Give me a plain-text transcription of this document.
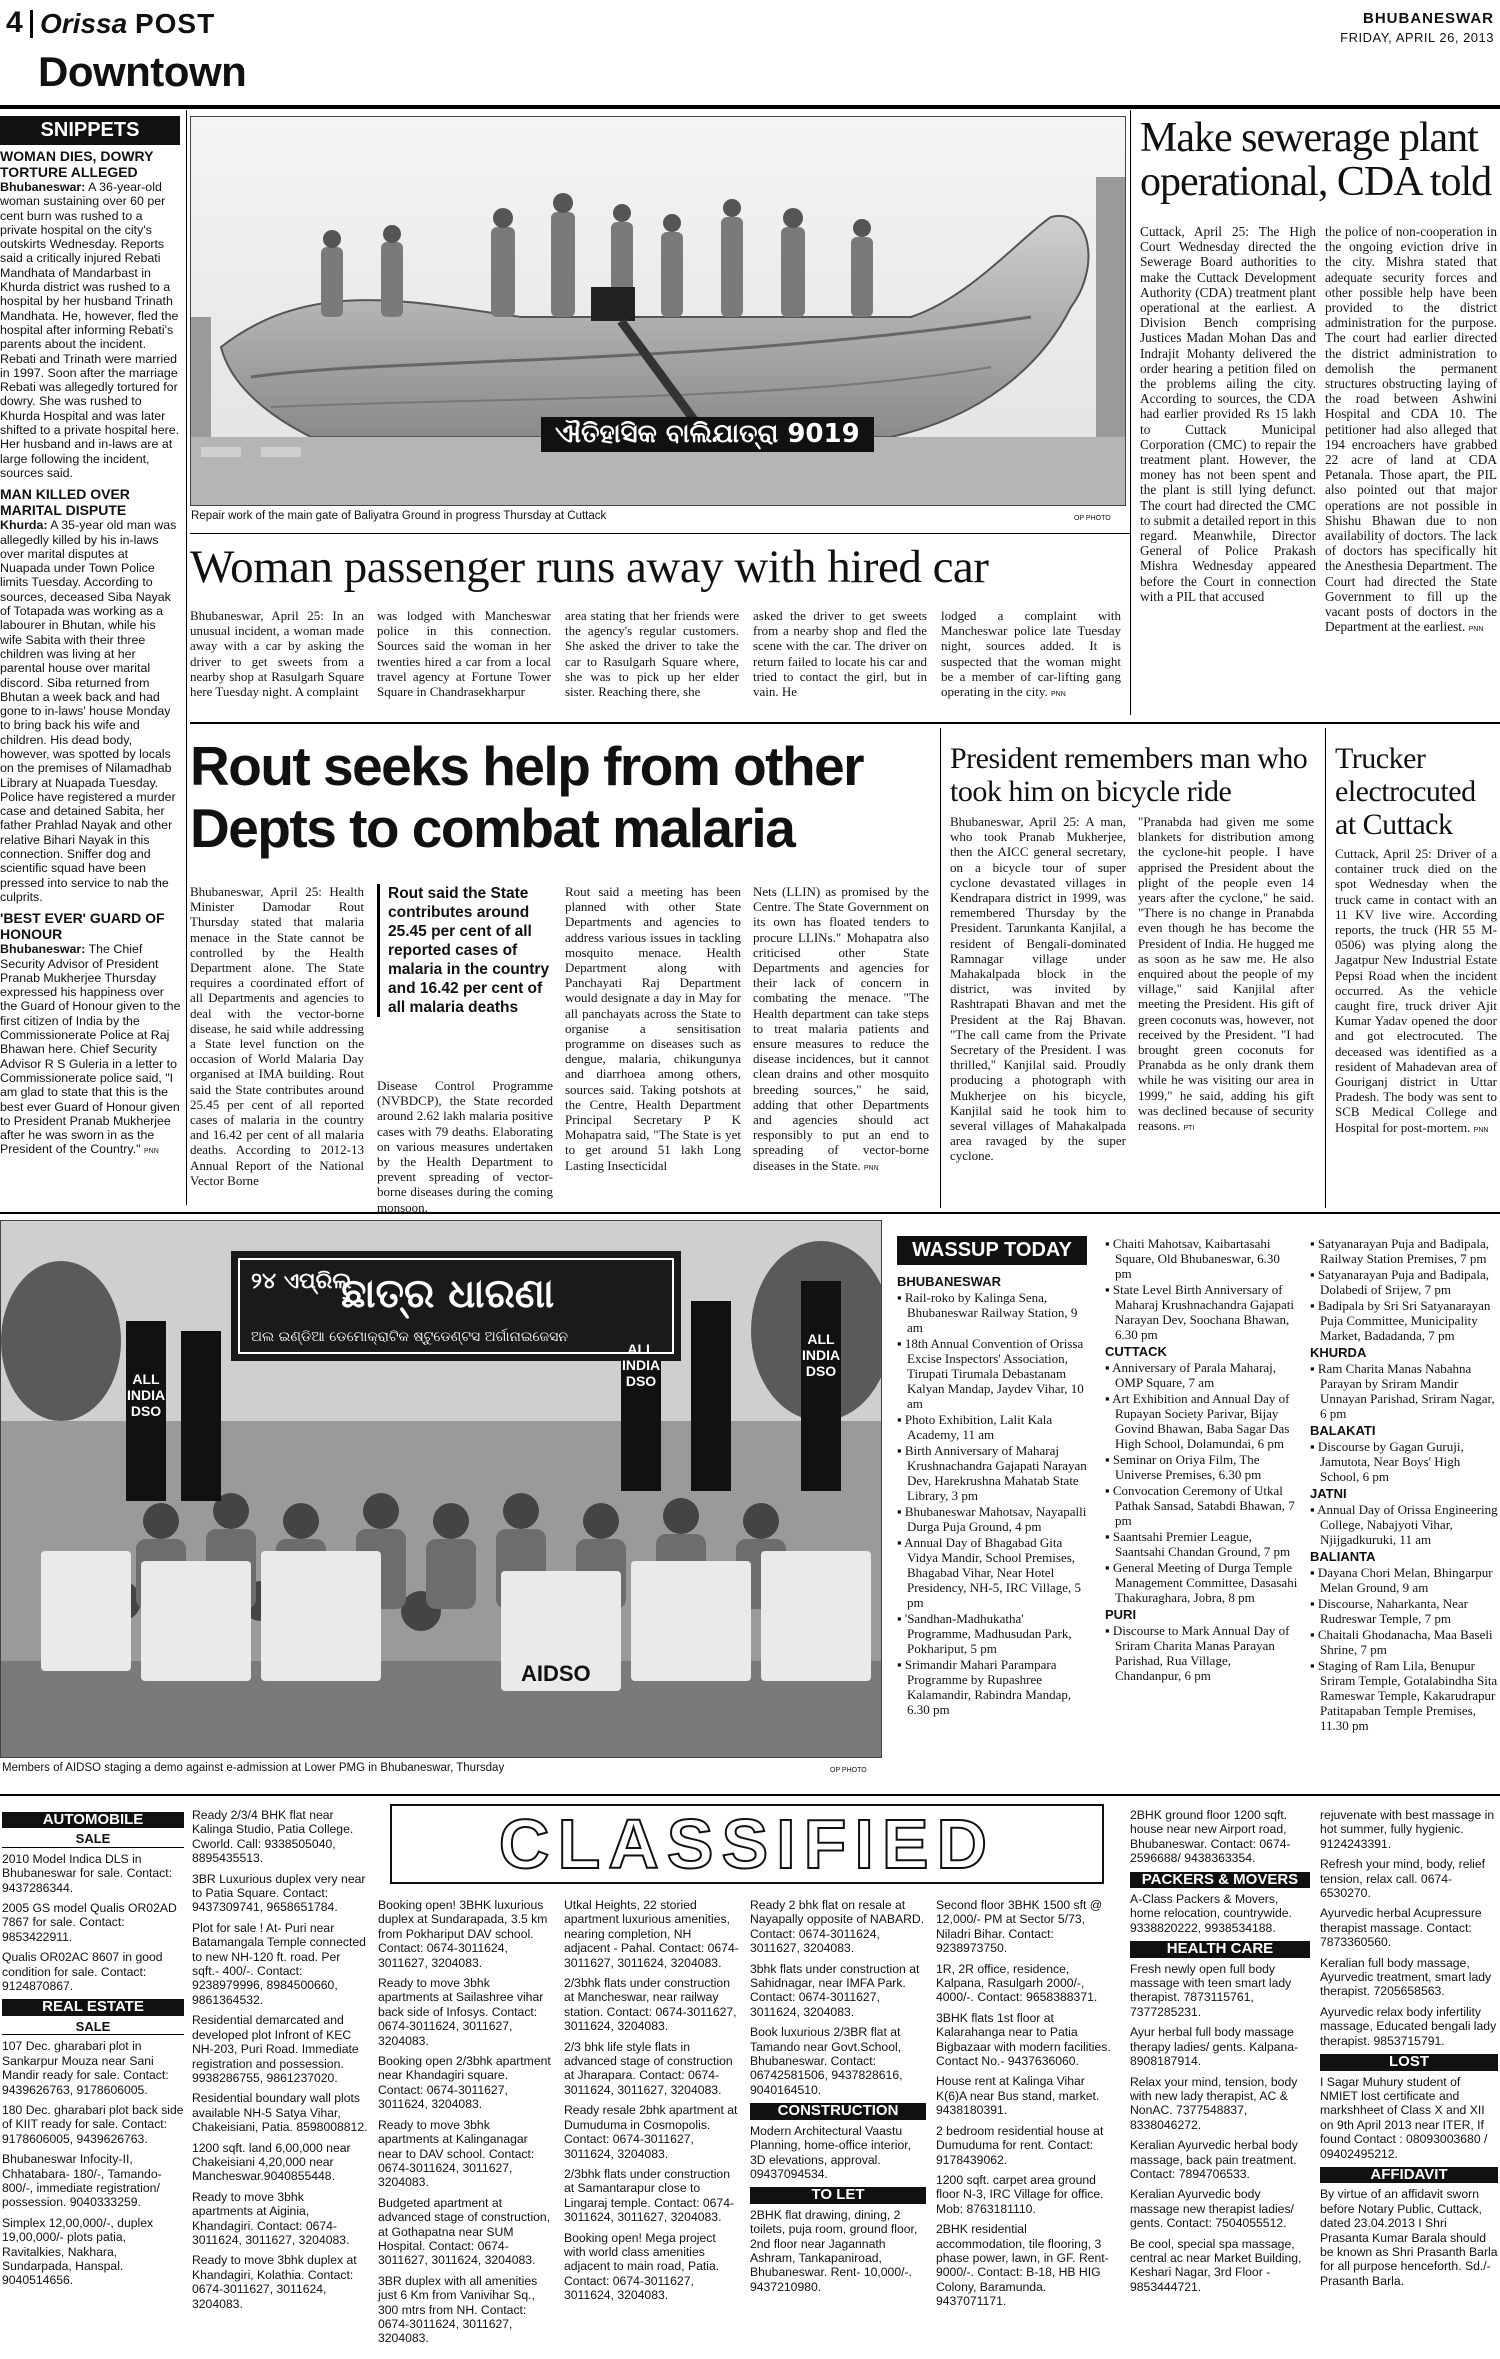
4 Orissa POST
Downtown
BHUBANESWAR
FRIDAY, APRIL 26, 2013
SNIPPETS
WOMAN DIES, DOWRY TORTURE ALLEGED
Bhubaneswar: A 36-year-old woman sustaining over 60 per cent burn was rushed to a private hospital on the city's outskirts Wednesday. Reports said a critically injured Rebati Mandhata of Mandarbast in Khurda district was rushed to a hospital by her husband Trinath Mandhata. He, however, fled the hospital after informing Rebati's parents about the incident. Rebati and Trinath were married in 1997. Soon after the marriage Rebati was allegedly tortured for dowry. She was rushed to Khurda Hospital and was later shifted to a private hospital here. Her husband and in-laws are at large following the incident, sources said.
MAN KILLED OVER MARITAL DISPUTE
Khurda: A 35-year old man was allegedly killed by his in-laws over marital disputes at Nuapada under Town Police limits Tuesday. According to sources, deceased Siba Nayak of Totapada was working as a labourer in Bhutan, while his wife Sabita with their three children was living at her parental house over marital discord. Siba returned from Bhutan a week back and had gone to in-laws' house Monday to bring back his wife and children. His dead body, however, was spotted by locals on the premises of Nilamadhab Library at Nuapada Tuesday. Police have registered a murder case and detained Sabita, her father Prahlad Nayak and other relative Bihari Nayak in this connection. Sniffer dog and scientific squad have been pressed into service to nab the culprits.
'BEST EVER' GUARD OF HONOUR
Bhubaneswar: The Chief Security Advisor of President Pranab Mukherjee Thursday expressed his happiness over the Guard of Honour given to the first citizen of India by the Commissionerate Police at Raj Bhawan here. Chief Security Advisor R S Guleria in a letter to Commissionerate police said, "I am glad to state that this is the best ever Guard of Honour given to President Pranab Mukherjee after he was sworn in as the President of the Country." PNN
ଐତିହାସିକ ବାଲିଯାତ୍ରା 9019
Repair work of the main gate of Baliyatra Ground in progress Thursday at Cuttack	OP PHOTO
Make sewerage plant operational, CDA told
Cuttack, April 25: The High Court Wednesday directed the Sewerage Board authorities to make the Cuttack Development Authority (CDA) treatment plant operational at the earliest. A Division Bench comprising Justices Madan Mohan Das and Indrajit Mohanty delivered the order hearing a petition filed on the problems ailing the city. According to sources, the CDA had earlier provided Rs 15 lakh to Cuttack Municipal Corporation (CMC) to repair the treatment plant. However, the money has not been spent and the plant is still lying defunct. The court had directed the CMC to submit a detailed report in this regard. Meanwhile, Director General of Police Prakash Mishra Wednesday appeared before the Court in connection with a PIL that accused
the police of non-cooperation in the ongoing eviction drive in the city. Mishra stated that adequate security forces and other possible help have been provided to the district administration for the purpose. The court had earlier directed the district administration to demolish the permanent structures obstructing laying of the road between Ashwini Hospital and CDA 10. The petitioner had also alleged that 194 encroachers have grabbed 22 acre of land at CDA Petanala. Those apart, the PIL also pointed out that major operations are not possible in Shishu Bhawan due to non availability of doctors. The lack of doctors has specifically hit the Anesthesia Department. The Court had directed the State Government to fill up the vacant posts of doctors in the Department at the earliest. PNN
Woman passenger runs away with hired car
Bhubaneswar, April 25: In an unusual incident, a woman made away with a car by asking the driver to get sweets from a nearby shop at Rasulgarh Square here Tuesday night. A complaint
was lodged with Mancheswar police in this connection. Sources said the woman in her twenties hired a car from a local travel agency at Fortune Tower Square in Chandrasekharpur
area stating that her friends were the agency's regular customers. She asked the driver to take the car to Rasulgarh Square where, she was to pick up her elder sister. Reaching there, she
asked the driver to get sweets from a nearby shop and fled the scene with the car. The driver on return failed to locate his car and tried to contact the girl, but in vain. He
lodged a complaint with Mancheswar police late Tuesday night, sources added. It is suspected that the woman might be a member of car-lifting gang operating in the city. PNN
Rout seeks help from other Depts to combat malaria
Bhubaneswar, April 25: Health Minister Damodar Rout Thursday stated that malaria menace in the State cannot be controlled by the Health Department alone. The State requires a coordinated effort of all Departments and agencies to deal with the vector-borne disease, he said while addressing a State level function on the occasion of World Malaria Day organised at IMA building. Rout said the State contributes around 25.45 per cent of all reported cases of malaria in the country and 16.42 per cent of all malaria deaths. According to 2012-13 Annual Report of the National Vector Borne
Rout said the State contributes around 25.45 per cent of all reported cases of malaria in the country and 16.42 per cent of all malaria deaths
Disease Control Programme (NVBDCP), the State recorded around 2.62 lakh malaria positive cases with 79 deaths. Elaborating on various measures undertaken by the Health Department to prevent spreading of vector-borne diseases during the coming monsoon,
Rout said a meeting has been planned with other State Departments and agencies to address various issues in tackling mosquito menace. Health Department along with Panchayati Raj Department would designate a day in May for all panchayats across the State to organise a sensitisation programme on diseases such as dengue, malaria, chikungunya and diarrhoea among others, sources said. Taking potshots at the Centre, Health Department Principal Secretary P K Mohapatra said, "The State is yet to get around 51 lakh Long Lasting Insecticidal
Nets (LLIN) as promised by the Centre. The State Government on its own has floated tenders to procure LLINs." Mohapatra also criticised other State Departments and agencies for their lack of concern in combating the menace. "The Health department can take steps to treat malaria patients and ensure measures to reduce the disease incidences, but it cannot clean drains and other mosquito breeding sources," he said, adding that other Departments and agencies should act responsibly to put an end to spreading of vector-borne diseases in the State. PNN
President remembers man who took him on bicycle ride
Bhubaneswar, April 25: A man, who took Pranab Mukherjee, then the AICC general secretary, on a bicycle tour of super cyclone devastated villages in Kendrapara district in 1999, was remembered Thursday by the President. Tarunkanta Kanjilal, a resident of Bengali-dominated Ramnagar village under Mahakalpada block in the district, was invited by Rashtrapati Bhavan and met the President at the Raj Bhavan. "The call came from the Private Secretary of the President. I was thrilled," Kanjilal said. Proudly producing a photograph with Mukherjee on his bicycle, Kanjilal said he took him to several villages of Mahakalpada area ravaged by the super cyclone.
"Pranabda had given me some blankets for distribution among the cyclone-hit people. I have apprised the President about the plight of the people even 14 years after the cyclone," he said. "There is no change in Pranabda even though he has become the President of India. He hugged me as soon as he saw me. He also enquired about the people of my village," said Kanjilal after meeting the President. His gift of green coconuts was, however, not received by the President. "I had brought green coconuts for Pranabda as he only drank them while he was visiting our area in 1999," he said, adding his gift was declined because of security reasons. PTI
Trucker electrocuted at Cuttack
Cuttack, April 25: Driver of a container truck died on the spot Wednesday when the truck came in contact with an 11 KV live wire. According reports, the truck (HR 55 M- 0506) was plying along the Jagatpur New Industrial Estate Pepsi Road when the incident occurred. As the vehicle caught fire, truck driver Ajit Kumar Yadav opened the door and got electrocuted. The deceased was identified as a resident of Mahadevan area of Gouriganj district in Uttar Pradesh. The body was sent to SCB Medical College and Hospital for post-mortem. PNN
୨୪ ଏପ୍ରିଲ
ଛାତ୍ର ଧାରଣା
ଅଲ ଇଣ୍ଡିଆ ଡେମୋକ୍ରାଟିକ ଷ୍ଟୁଡେଣ୍ଟସ ଅର୍ଗାନାଇଜେସନ
ALL INDIA DSO
ALL INDIA DSO
ALL INDIA DSO
AIDSO
Members of AIDSO staging a demo against e-admission at Lower PMG in Bhubaneswar, Thursday	OP PHOTO
WASSUP TODAY

BHUBANESWAR

▪ Rail-roko by Kalinga Sena, Bhubaneswar Railway Station, 9 am

▪ 18th Annual Convention of Orissa Excise Inspectors' Association, Tirupati Tirumala Debastanam Kalyan Mandap, Jaydev Vihar, 10 am

▪ Photo Exhibition, Lalit Kala Academy, 11 am

▪ Birth Anniversary of Maharaj Krushnachandra Gajapati Narayan Dev, Harekrushna Mahatab State Library, 3 pm

▪ Bhubaneswar Mahotsav, Nayapalli Durga Puja Ground, 4 pm

▪ Annual Day of Bhagabad Gita Vidya Mandir, School Premises, Bhagabad Vihar, Near Hotel Presidency, NH-5, IRC Village, 5 pm

▪ 'Sandhan-Madhukatha' Programme, Madhusudan Park, Pokhariput, 5 pm

▪ Srimandir Mahari Parampara Programme by Rupashree Kalamandir, Rabindra Mandap, 6.30 pm

▪ Chaiti Mahotsav, Kaibartasahi Square, Old Bhubaneswar, 6.30 pm

▪ State Level Birth Anniversary of Maharaj Krushnachandra Gajapati Narayan Dev, Soochana Bhawan, 6.30 pm

CUTTACK

▪ Anniversary of Parala Maharaj, OMP Square, 7 am

▪ Art Exhibition and Annual Day of Rupayan Society Parivar, Bijay Govind Bhawan, Baba Sagar Das High School, Dolamundai, 6 pm

▪ Seminar on Oriya Film, The Universe Premises, 6.30 pm

▪ Convocation Ceremony of Utkal Pathak Sansad, Satabdi Bhawan, 7 pm

▪ Saantsahi Premier League, Saantsahi Chandan Ground, 7 pm

▪ General Meeting of Durga Temple Management Committee, Dasasahi Thakuraghara, Jobra, 8 pm

PURI

▪ Discourse to Mark Annual Day of Sriram Charita Manas Parayan Parishad, Rua Village, Chandanpur, 6 pm

▪ Satyanarayan Puja and Badipala, Railway Station Premises, 7 pm

▪ Satyanarayan Puja and Badipala, Dolabedi of Srijew, 7 pm

▪ Badipala by Sri Sri Satyanarayan Puja Committee, Municipality Market, Badadanda, 7 pm

KHURDA

▪ Ram Charita Manas Nabahna Parayan by Sriram Mandir Unnayan Parishad, Sriram Nagar, 6 pm

BALAKATI

▪ Discourse by Gagan Guruji, Jamutota, Near Boys' High School, 6 pm

JATNI

▪ Annual Day of Orissa Engineering College, Nabajyoti Vihar, Njijgadkuruki, 11 am

BALIANTA

▪ Dayana Chori Melan, Bhingarpur Melan Ground, 9 am

▪ Discourse, Naharkanta, Near Rudreswar Temple, 7 pm

▪ Chaitali Ghodanacha, Maa Baseli Shrine, 7 pm

▪ Staging of Ram Lila, Benupur Sriram Temple, Gotalabindha Sita Rameswar Temple, Kakarudrapur Patitapaban Temple Premises, 11.30 pm

CLASSIFIED
AUTOMOBILE
SALE

2010 Model Indica DLS in Bhubaneswar for sale. Contact: 9437286344.

2005 GS model Qualis OR02AD 7867 for sale. Contact: 9853422911.

Qualis OR02AC 8607 in good condition for sale. Contact: 9124870867.

REAL ESTATE
SALE

107 Dec. gharabari plot in Sankarpur Mouza near Sani Mandir ready for sale. Contact: 9439626763, 9178606005.

180 Dec. gharabari plot back side of KIIT ready for sale. Contact: 9178606005, 9439626763.

Bhubaneswar Infocity-II, Chhatabara- 180/-, Tamando- 800/-, immediate registration/ possession. 9040333259.

Simplex 12,00,000/-, duplex 19,00,000/- plots patia, Ravitalkies, Nakhara, Sundarpada, Hanspal. 9040514656.

Ready 2/3/4 BHK flat near Kalinga Studio, Patia College. Cworld. Call: 9338505040, 8895435513.

3BR Luxurious duplex very near to Patia Square. Contact: 9437309741, 9658651784.

Plot for sale ! At- Puri near Batamangala Temple connected to new NH-120 ft. road. Per sqft.- 400/-. Contact: 9238979996, 8984500660, 9861364532.

Residential demarcated and developed plot Infront of KEC NH-203, Puri Road. Immediate registration and possession. 9938286755, 9861237020.

Residential boundary wall plots available NH-5 Satya Vihar, Chakeisiani, Patia. 8598008812.

1200 sqft. land 6,00,000 near Chakeisiani 4,20,000 near Mancheswar.9040855448.

Ready to move 3bhk apartments at Aiginia, Khandagiri. Contact: 0674-3011624, 3011627, 3204083.

Ready to move 3bhk duplex at Khandagiri, Kolathia. Contact: 0674-3011627, 3011624, 3204083.

Booking open! 3BHK luxurious duplex at Sundarapada, 3.5 km from Pokhariput DAV school. Contact: 0674-3011624, 3011627, 3204083.

Ready to move 3bhk apartments at Sailashree vihar back side of Infosys. Contact: 0674-3011624, 3011627, 3204083.

Booking open 2/3bhk apartment near Khandagiri square. Contact: 0674-3011627, 3011624, 3204083.

Ready to move 3bhk apartments at Kalinganagar near to DAV school. Contact: 0674-3011624, 3011627, 3204083.

Budgeted apartment at advanced stage of construction, at Gothapatna near SUM Hospital. Contact: 0674-3011627, 3011624, 3204083.

3BR duplex with all amenities just 6 Km from Vanivihar Sq., 300 mtrs from NH. Contact: 0674-3011624, 3011627, 3204083.

Utkal Heights, 22 storied apartment luxurious amenities, nearing completion, NH adjacent - Pahal. Contact: 0674-3011627, 3011624, 3204083.

2/3bhk flats under construction at Mancheswar, near railway station. Contact: 0674-3011627, 3011624, 3204083.

2/3 bhk life style flats in advanced stage of construction at Jharapara. Contact: 0674-3011624, 3011627, 3204083.

Ready resale 2bhk apartment at Dumuduma in Cosmopolis. Contact: 0674-3011627, 3011624, 3204083.

2/3bhk flats under construction at Samantarapur close to Lingaraj temple. Contact: 0674-3011624, 3011627, 3204083.

Booking open! Mega project with world class amenities adjacent to main road, Patia. Contact: 0674-3011627, 3011624, 3204083.

Ready 2 bhk flat on resale at Nayapally opposite of NABARD. Contact: 0674-3011624, 3011627, 3204083.

3bhk flats under construction at Sahidnagar, near IMFA Park. Contact: 0674-3011627, 3011624, 3204083.

Book luxurious 2/3BR flat at Tamando near Govt.School, Bhubaneswar. Contact: 06742581506, 9437828616, 9040164510.

CONSTRUCTION

Modern Architectural Vaastu Planning, home-office interior, 3D elevations, approval. 09437094534.

TO LET

2BHK flat drawing, dining, 2 toilets, puja room, ground floor, 2nd floor near Jagannath Ashram, Tankapaniroad, Bhubaneswar. Rent- 10,000/-. 9437210980.

Second floor 3BHK 1500 sft @ 12,000/- PM at Sector 5/73, Niladri Bihar. Contact: 9238973750.

1R, 2R office, residence, Kalpana, Rasulgarh 2000/-, 4000/-. Contact: 9658388371.

3BHK flats 1st floor at Kalarahanga near to Patia Bigbazaar with modern facilities. Contact No.- 9437636060.

House rent at Kalinga Vihar K(6)A near Bus stand, market. 9438180391.

2 bedroom residential house at Dumuduma for rent. Contact: 9178439062.

1200 sqft. carpet area ground floor N-3, IRC Village for office. Mob: 8763181110.

2BHK residential accommodation, tile flooring, 3 phase power, lawn, in GF. Rent- 9000/-. Contact: B-18, HB HIG Colony, Baramunda. 9437071171.

2BHK ground floor 1200 sqft. house near new Airport road, Bhubaneswar. Contact: 0674-2596688/ 9438363354.

PACKERS & MOVERS

A-Class Packers & Movers, home relocation, countrywide. 9338820222, 9938534188.

HEALTH CARE

Fresh newly open full body massage with teen smart lady therapist. 7873115761, 7377285231.

Ayur herbal full body massage therapy ladies/ gents. Kalpana- 8908187914.

Relax your mind, tension, body with new lady therapist, AC & NonAC. 7377548837, 8338046272.

Keralian Ayurvedic herbal body massage, back pain treatment. Contact: 7894706533.

Keralian Ayurvedic body massage new therapist ladies/ gents. Contact: 7504055512.

Be cool, special spa massage, central ac near Market Building, Keshari Nagar, 3rd Floor - 9853444721.

rejuvenate with best massage in hot summer, fully hygienic. 9124243391.

Refresh your mind, body, relief tension, relax call. 0674-6530270.

Ayurvedic herbal Acupressure therapist massage. Contact: 7873360560.

Keralian full body massage, Ayurvedic treatment, smart lady therapist. 7205658563.

Ayurvedic relax body infertility massage, Educated bengali lady therapist. 9853715791.

LOST

I Sagar Muhury student of NMIET lost certificate and markshheet of Class X and XII on 9th April 2013 near ITER, If found Contact : 08093003680 / 09402495212.

AFFIDAVIT

By virtue of an affidavit sworn before Notary Public, Cuttack, dated 23.04.2013 I Shri Prasanta Kumar Barala should be known as Shri Prasanth Barla for all purpose henceforth. Sd./- Prasanth Barla.
